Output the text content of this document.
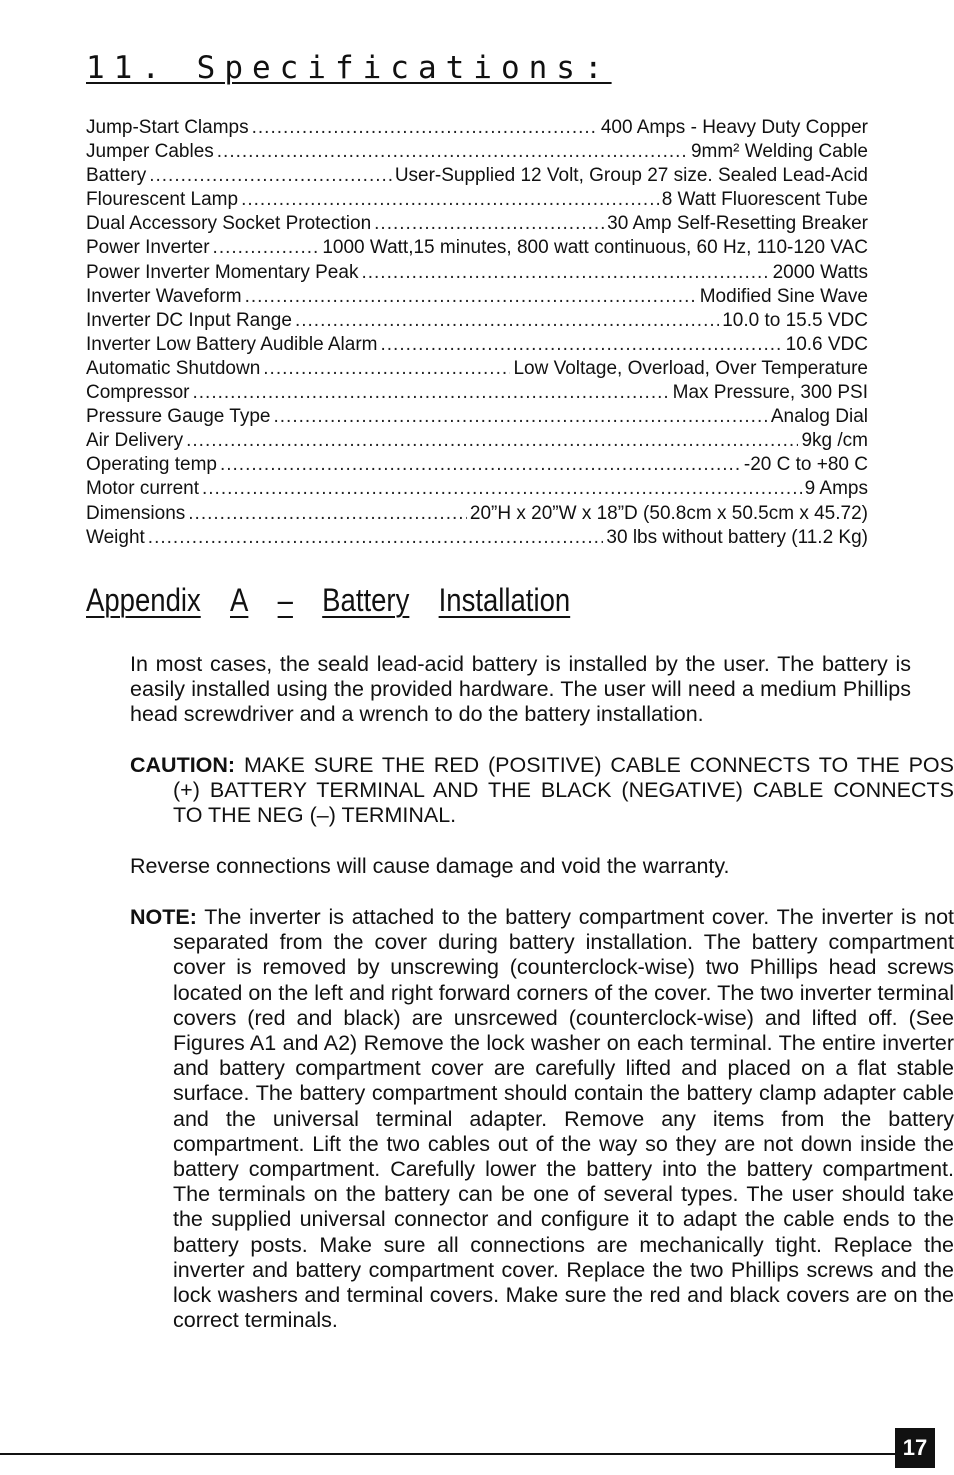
11. Specifications:
Jump-Start Clamps .....	400 Amps - Heavy Duty Copper
Jumper Cables .....	9mm² Welding Cable
Battery .....	User-Supplied 12 Volt, Group 27 size. Sealed Lead-Acid
Flourescent Lamp .....	8 Watt Fluorescent Tube
Dual Accessory Socket Protection .....	30 Amp Self-Resetting Breaker
Power Inverter .....	1000 Watt,15 minutes, 800 watt continuous, 60 Hz, 110-120 VAC
Power Inverter Momentary Peak .....	2000 Watts
Inverter Waveform .....	Modified Sine Wave
Inverter DC Input Range .....	10.0 to 15.5 VDC
Inverter Low Battery Audible Alarm .....	10.6 VDC
Automatic Shutdown .....	Low Voltage, Overload, Over Temperature
Compressor .....	Max Pressure, 300 PSI
Pressure Gauge Type .....	Analog Dial
Air Delivery .....	9kg /cm
Operating temp .....	-20 C to +80 C
Motor current .....	9 Amps
Dimensions .....	20”H x 20”W x 18”D (50.8cm x 50.5cm x 45.72)
Weight .....	30 lbs without battery (11.2 Kg)
Appendix A – Battery Installation

In most cases, the seald lead-acid battery is installed by the user. The battery is easily installed using the provided hardware. The user will need a medium Phillips head screwdriver and a wrench to do the battery installation.

CAUTION: MAKE SURE THE RED (POSITIVE) CABLE CONNECTS TO THE POS (+) BATTERY TERMINAL AND THE BLACK (NEGATIVE) CABLE CONNECTS TO THE NEG (–) TERMINAL.

Reverse connections will cause damage and void the warranty.

NOTE: The inverter is attached to the battery compartment cover. The inverter is not separated from the cover during battery installation. The battery compartment cover is removed by unscrewing (counterclock-wise) two Phillips head screws located on the left and right forward corners of the cover. The two inverter terminal covers (red and black) are unsrcewed (counterclock-wise) and lifted off. (See Figures A1 and A2) Remove the lock washer on each terminal. The entire inverter and battery compartment cover are carefully lifted and placed on a flat stable surface. The battery compartment should contain the battery clamp adapter cable and the universal terminal adapter. Remove any items from the battery compartment. Lift the two cables out of the way so they are not down inside the battery compartment. Carefully lower the battery into the battery compartment. The terminals on the battery can be one of several types. The user should take the supplied universal connector and configure it to adapt the cable ends to the battery posts. Make sure all connections are mechanically tight. Replace the inverter and battery compartment cover. Replace the two Phillips screws and the lock washers and terminal covers. Make sure the red and black covers are on the correct terminals.

17
